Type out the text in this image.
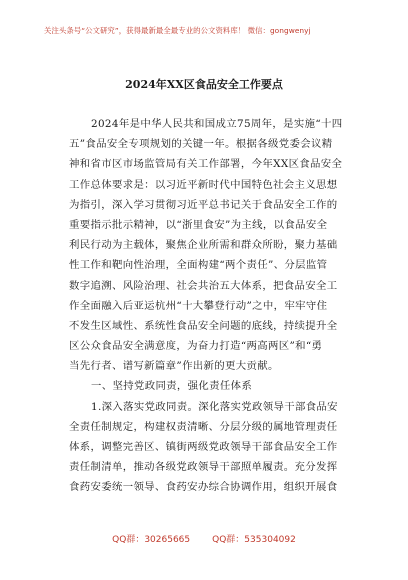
关注头条号“公文研究”，获得最新最全最专业的公文资料库！ 微信：gongwenyj
2024年XX区食品安全工作要点
2024年是中华人民共和国成立75周年，是实施“十四
五”食品安全专项规划的关键一年。根据各级党委会议精
神和省市区市场监管局有关工作部署，今年XX区食品安全
工作总体要求是：以习近平新时代中国特色社会主义思想
为指引，深入学习贯彻习近平总书记关于食品安全工作的
重要指示批示精神，以“浙里食安”为主线，以食品安全
利民行动为主载体，聚焦企业所需和群众所盼，聚力基础
性工作和靶向性治理，全面构建“两个责任”、分层监管
数字追溯、风险治理、社会共治五大体系，把食品安全工
作全面融入后亚运杭州“十大攀登行动”之中，牢牢守住
不发生区域性、系统性食品安全问题的底线，持续提升全
区公众食品安全满意度，为奋力打造“两高两区”和“勇
当先行者、谱写新篇章”作出新的更大贡献。
一、坚持党政同责，强化责任体系
1.深入落实党政同责。深化落实党政领导干部食品安
全责任制规定，构建权责清晰、分层分级的属地管理责任
体系，调整完善区、镇街两级党政领导干部食品安全工作
责任制清单，推动各级党政领导干部照单履责。充分发挥
食药安委统一领导、食药安办综合协调作用，组织开展食
QQ群：30265665 QQ群：535304092
